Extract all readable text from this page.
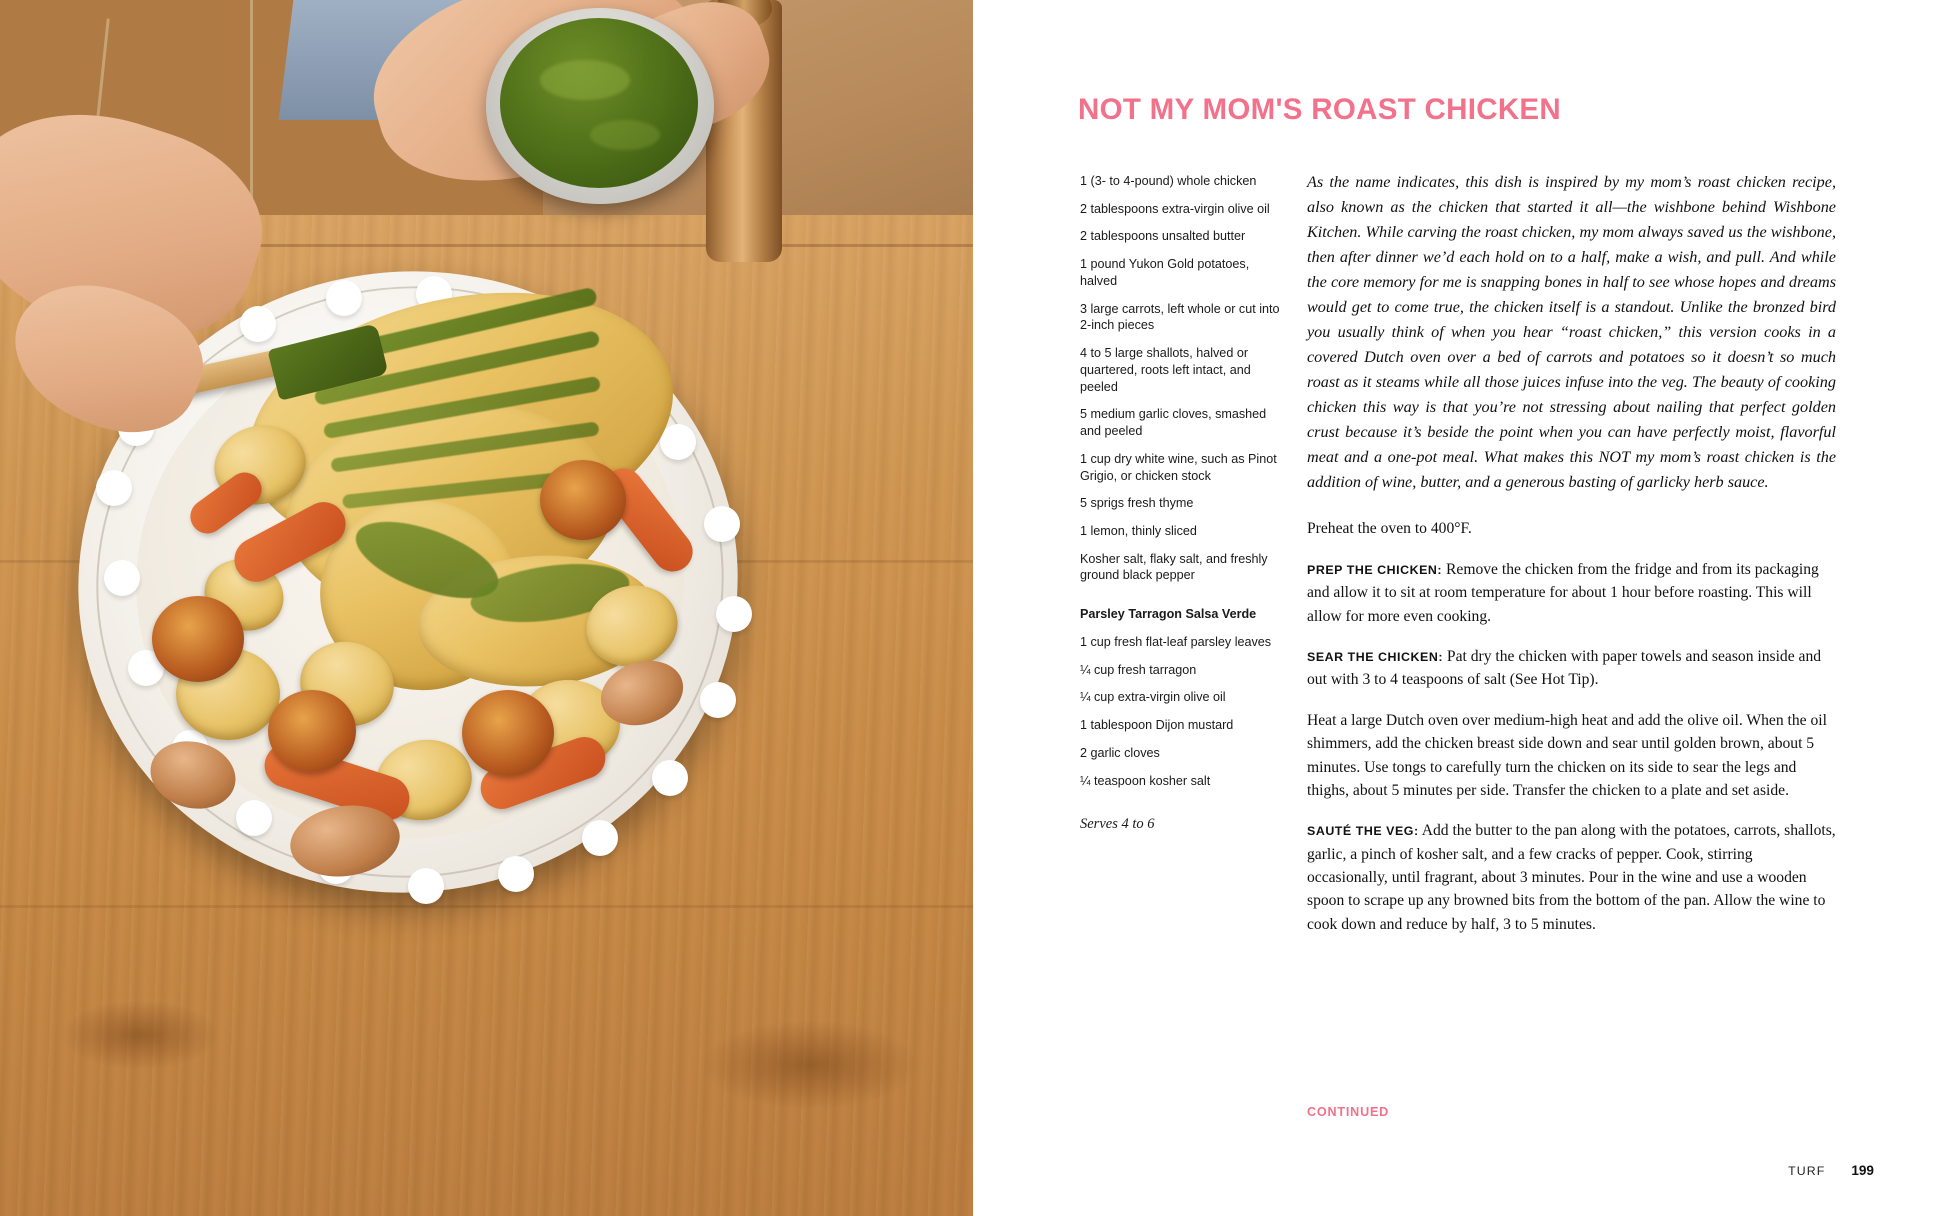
NOT MY MOM'S ROAST CHICKEN
1 (3- to 4-pound) whole chicken
2 tablespoons extra-virgin olive oil
2 tablespoons unsalted butter
1 pound Yukon Gold potatoes, halved
3 large carrots, left whole or cut into 2-inch pieces
4 to 5 large shallots, halved or quartered, roots left intact, and peeled
5 medium garlic cloves, smashed and peeled
1 cup dry white wine, such as Pinot Grigio, or chicken stock
5 sprigs fresh thyme
1 lemon, thinly sliced
Kosher salt, flaky salt, and freshly ground black pepper
Parsley Tarragon Salsa Verde
1 cup fresh flat-leaf parsley leaves
¼ cup fresh tarragon
¼ cup extra-virgin olive oil
1 tablespoon Dijon mustard
2 garlic cloves
¼ teaspoon kosher salt
Serves 4 to 6

As the name indicates, this dish is inspired by my mom’s roast chicken recipe, also known as the chicken that started it all—the wishbone behind Wishbone Kitchen. While carving the roast chicken, my mom always saved us the wishbone, then after dinner we’d each hold on to a half, make a wish, and pull. And while the core memory for me is snapping bones in half to see whose hopes and dreams would get to come true, the chicken itself is a standout. Unlike the bronzed bird you usually think of when you hear “roast chicken,” this version cooks in a covered Dutch oven over a bed of carrots and potatoes so it doesn’t so much roast as it steams while all those juices infuse into the veg. The beauty of cooking chicken this way is that you’re not stressing about nailing that perfect golden crust because it’s beside the point when you can have perfectly moist, flavorful meat and a one-pot meal. What makes this NOT my mom’s roast chicken is the addition of wine, butter, and a generous basting of garlicky herb sauce.

Preheat the oven to 400°F.

PREP THE CHICKEN: Remove the chicken from the fridge and from its packaging and allow it to sit at room temperature for about 1 hour before roasting. This will allow for more even cooking.

SEAR THE CHICKEN: Pat dry the chicken with paper towels and season inside and out with 3 to 4 teaspoons of salt (See Hot Tip).

Heat a large Dutch oven over medium-high heat and add the olive oil. When the oil shimmers, add the chicken breast side down and sear until golden brown, about 5 minutes. Use tongs to carefully turn the chicken on its side to sear the legs and thighs, about 5 minutes per side. Transfer the chicken to a plate and set aside.

SAUTÉ THE VEG: Add the butter to the pan along with the potatoes, carrots, shallots, garlic, a pinch of kosher salt, and a few cracks of pepper. Cook, stirring occasionally, until fragrant, about 3 minutes. Pour in the wine and use a wooden spoon to scrape up any browned bits from the bottom of the pan. Allow the wine to cook down and reduce by half, 3 to 5 minutes.

CONTINUED
TURF 199
